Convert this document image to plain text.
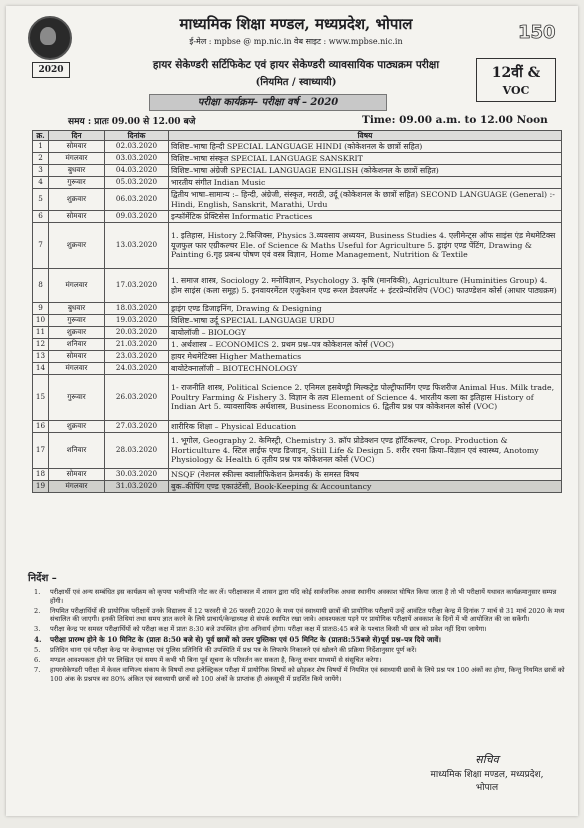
150
माध्यमिक शिक्षा मण्डल, मध्यप्रदेश, भोपाल
ई-मेल : mpbse @ mp.nic.in वेब साइट : www.mpbse.nic.in
2020	हायर सेकेण्डरी सर्टिफिकेट एवं हायर सेकेण्डरी व्यावसायिक पाठ्यक्रम परीक्षा
(नियमित / स्वाध्यायी)
12वीं &
VOC
परीक्षा कार्यक्रम– परीक्षा वर्ष – 2020
समय : प्रातः 09.00 से 12.00 बजे	Time: 09.00 a.m. to 12.00 Noon
क्र.	दिन	दिनांक	विषय
1	सोमवार	02.03.2020	विशिष्ट–भाषा हिन्दी SPECIAL LANGUAGE HINDI (कोकेशनल के छात्रों सहित)
2	मंगलवार	03.03.2020	विशिष्ट–भाषा संस्कृत SPECIAL LANGUAGE SANSKRIT
3	बुधवार	04.03.2020	विशिष्ट–भाषा अंग्रेजी SPECIAL LANGUAGE ENGLISH (कोकेशनल के छात्रों सहित)
4	गुरूवार	05.03.2020	भारतीय संगीत Indian Music
5	शुक्रवार	06.03.2020	द्वितीय भाषा–सामान्य :– हिन्दी, अंग्रेजी, संस्कृत, मराठी, उर्दू (कोकेशनल के छात्रों सहित) SECOND LANGUAGE (General) :- Hindi, English, Sanskrit, Marathi, Urdu
6	सोमवार	09.03.2020	इन्फॉर्मेटिक प्रेक्टिसेस Informatic Practices
7	शुक्रवार	13.03.2020	1. इतिहास, History 2.फिजिक्स, Physics 3.व्यवसाय अध्ययन, Business Studies 4. एलीमेन्ट्स ऑफ साइंस एंड मेथमेटिक्स यूजफुल फार एग्रीकल्चर Ele. of Science & Maths Useful for Agriculture 5. ड्राइंग एण्ड पेंटिंग, Drawing & Painting 6.गृह प्रबन्ध पोषण एवं वस्त्र विज्ञान, Home Management, Nutrition & Textile
8	मंगलवार	17.03.2020	1. समाज शास्त्र, Sociology 2. मनोविज्ञान, Psychology 3. कृषि (मानविकी), Agriculture (Huminities Group) 4. होम साइंस (कला समूह) 5. इनवायरमेंटल एजुकेशन एण्ड रूरल डेवलपमेंट + इंटरप्रेन्योरशिप (VOC) फाउण्डेशन कोर्स (आधार पाठ्यक्रम)
9	बुधवार	18.03.2020	ड्राइंग एण्ड डिजाइनिंग, Drawing & Designing
10	गुरूवार	19.03.2020	विशिष्ट–भाषा उर्दू SPECIAL LANGUAGE URDU
11	शुक्रवार	20.03.2020	बायोलॉजी – BIOLOGY
12	शनिवार	21.03.2020	1. अर्थशास्त्र – ECONOMICS 2. प्रथम प्रश्न–पत्र कोकेशनल कोर्स (VOC)
13	सोमवार	23.03.2020	हायर मेथमेटिक्स Higher Mathematics
14	मंगलवार	24.03.2020	बायोटेक्नालॉजी – BIOTECHNOLOGY
15	गुरूवार	26.03.2020	1- राजनीति शास्त्र, Political Science 2. एनिमल हसबेण्ड्री मिल्कट्रेड पोल्ट्रीफार्मिंग एण्ड फिशरीज Animal Hus. Milk trade, Poultry Farming & Fishery 3. विज्ञान के तत्व Element of Science 4. भारतीय कला का इतिहास History of Indian Art 5. व्यावसायिक अर्थशास्त्र, Business Economics 6. द्वितीय प्रश्न पत्र कोकेशनल कोर्स (VOC)
16	शुक्रवार	27.03.2020	शारीरिक शिक्षा – Physical Education
17	शनिवार	28.03.2020	1. भूगोल, Geography 2. केमिस्ट्री, Chemistry 3. क्रॉप प्रोडेक्शन एण्ड हॉर्टिकल्चर, Crop. Production & Horticulture 4. स्टिल लाईफ एण्ड डिजाइन, Still Life & Design 5. शरीर रचना क्रिया–विज्ञान एवं स्वास्थ्य, Anotomy Physiology & Health 6 तृतीय प्रश्न पत्र कोकेशनल कोर्स (VOC)
18	सोमवार	30.03.2020	NSQF (नेशनल स्कील्स क्वालीफिकेशन फ्रेमवर्क) के समस्त विषय
19	मंगलवार	31.03.2020	बुक–कीपिंग एण्ड एकाउंटेंसी, Book-Keeping & Accountancy
निर्देश –
1. परीक्षार्थी एवं अन्य सम्बंधित इस कार्यक्रम को कृपया भलीभांति नोट कर लें। परीक्षाकाल में शासन द्वारा यदि कोई सार्वजनिक अथवा स्थानीय अवकाश घोषित किया जाता है तो भी परीक्षायें यथावत कार्यक्रमानुसार सम्पन्न होंगी।
2. नियमित परीक्षार्थियों की प्रायोगिक परीक्षायें उनके विद्यालय में 12 फरवरी से 26 फरवरी 2020 के मध्य एवं स्वाध्यायी छात्रों की प्रायोगिक परीक्षायें उन्हें आवंटित परीक्षा केन्द्र में दिनांक 7 मार्च से 31 मार्च 2020 के मध्य संचालित की जाएगी। इनकी तिथियां तथा समय ज्ञात करने के लिये प्राचार्य/केन्द्राध्यक्ष से संपर्क स्थापित रखा जावे। आवश्यकता पड़ने पर प्रायोगिक परीक्षायें अवकाश के दिनों में भी आयोजित की जा सकेंगी।
3. परीक्षा केन्द्र पर समस्त परीक्षार्थियों को परीक्षा कक्ष में प्रातः 8:30 बजे उपस्थित होना अनिवार्य होगा। परीक्षा कक्ष में प्रातः8:45 बजे के पश्चात किसी भी छात्र को प्रवेश नहीं दिया जायेगा।
4. परीक्षा प्रारम्भ होने के 10 मिनिट के (प्रातः 8:50 बजे से) पूर्व छात्रों को उत्तर पुस्तिका एवं 05 मिनिट के (प्रातः8:55बजे से)पूर्व प्रश्न–पत्र दिये जावें।
5. प्रतिदिन थाना एवं परीक्षा केन्द्र पर केन्द्राध्यक्ष एवं पुलिस प्रतिनिधि की उपस्थिति में प्रश्न पत्र के लिफाफे निकालने एवं खोलने की प्रक्रिया निर्देशानुसार पूर्ण करें।
6. मण्डल आवश्यकता होने पर लिखित एवं समय में कभी भी बिना पूर्व सूचना के परिवर्तन कर सकता है, किन्तु सचार माध्यमों से संसूचित करेगा।
7. हायरसेकेण्डरी परीक्षा में केवल वाणिज्य संकाय के विषयों तथा इलेक्ट्रिकल परीक्षा में प्रायोगिक विषयों को छोड़कर शेष विषयों में नियमित एवं स्वाध्यायी छात्रों के लिये प्रश्न पत्र 100 अंकों का होगा, किन्तु नियमित छात्रों को 100 अंक के प्रश्नपत्र का 80% अंकित एवं स्वाध्यायी छात्रों को 100 अंकों के प्राप्तांक ही अंकसूची में प्रदर्शित किये जायेंगे।
सचिव
माध्यमिक शिक्षा मण्डल, मध्यप्रदेश,
भोपाल
